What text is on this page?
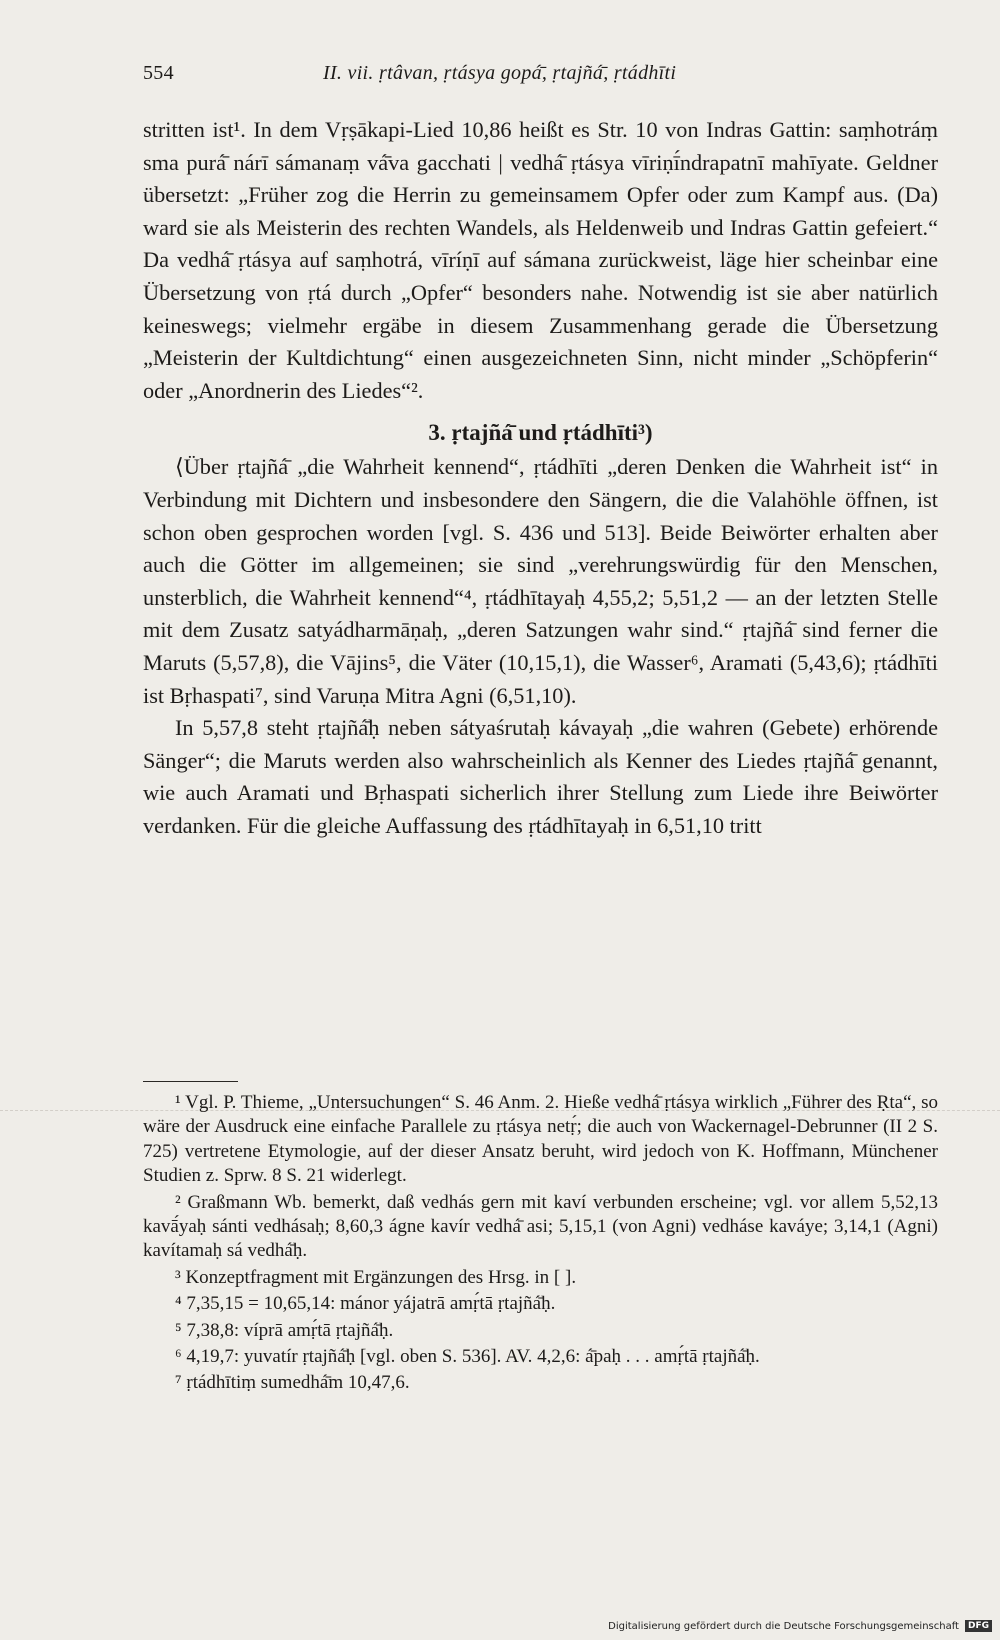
554	II. vii. ṛtâvan, ṛtásya gopá̄, ṛtajñá̄, ṛtádhīti

stritten ist¹. In dem Vṛṣākapi-Lied 10,86 heißt es Str. 10 von Indras Gattin: saṃhotráṃ sma purá̄ nárī sámanaṃ vá̄va gacchati | vedhá̄ ṛtásya vīriṇī́ndrapatnī mahīyate. Geldner übersetzt: „Früher zog die Herrin zu gemeinsamem Opfer oder zum Kampf aus. (Da) ward sie als Meisterin des rechten Wandels, als Heldenweib und Indras Gattin gefeiert.“ Da vedhá̄ ṛtásya auf saṃhotrá, vīríṇī auf sámana zurückweist, läge hier scheinbar eine Übersetzung von ṛtá durch „Opfer“ besonders nahe. Notwendig ist sie aber natürlich keineswegs; vielmehr ergäbe in diesem Zusammenhang gerade die Übersetzung „Meisterin der Kultdichtung“ einen ausgezeichneten Sinn, nicht minder „Schöpferin“ oder „Anordnerin des Liedes“².

3. ṛtajñá̄ und ṛtádhīti³)

⟨Über ṛtajñá̄ „die Wahrheit kennend“, ṛtádhīti „deren Denken die Wahrheit ist“ in Verbindung mit Dichtern und insbesondere den Sängern, die die Valahöhle öffnen, ist schon oben gesprochen worden [vgl. S. 436 und 513]. Beide Beiwörter erhalten aber auch die Götter im allgemeinen; sie sind „verehrungswürdig für den Menschen, unsterblich, die Wahrheit kennend“⁴, ṛtádhītayaḥ 4,55,2; 5,51,2 — an der letzten Stelle mit dem Zusatz satyádharmāṇaḥ, „deren Satzungen wahr sind.“ ṛtajñá̄ sind ferner die Maruts (5,57,8), die Vājins⁵, die Väter (10,15,1), die Wasser⁶, Aramati (5,43,6); ṛtádhīti ist Bṛhaspati⁷, sind Varuṇa Mitra Agni (6,51,10).

In 5,57,8 steht ṛtajñá̄ḥ neben sátyaśrutaḥ kávayaḥ „die wahren (Gebete) erhörende Sänger“; die Maruts werden also wahrscheinlich als Kenner des Liedes ṛtajñá̄ genannt, wie auch Aramati und Bṛhaspati sicherlich ihrer Stellung zum Liede ihre Beiwörter verdanken. Für die gleiche Auffassung des ṛtádhītayaḥ in 6,51,10 tritt

¹ Vgl. P. Thieme, „Untersuchungen“ S. 46 Anm. 2. Hieße vedhá̄ ṛtásya wirklich „Führer des Ṛta“, so wäre der Ausdruck eine einfache Parallele zu ṛtásya netṛ́; die auch von Wackernagel-Debrunner (II 2 S. 725) vertretene Etymologie, auf der dieser Ansatz beruht, wird jedoch von K. Hoffmann, Münchener Studien z. Sprw. 8 S. 21 widerlegt.

² Graßmann Wb. bemerkt, daß vedhás gern mit kaví verbunden erscheine; vgl. vor allem 5,52,13 kavā́yaḥ sánti vedhásaḥ; 8,60,3 ágne kavír vedhá̄ asi; 5,15,1 (von Agni) vedháse kaváye; 3,14,1 (Agni) kavítamaḥ sá vedhá̄ḥ.

³ Konzeptfragment mit Ergänzungen des Hrsg. in [ ].

⁴ 7,35,15 = 10,65,14: mánor yájatrā amṛ́tā ṛtajñá̄ḥ.

⁵ 7,38,8: víprā amṛ́tā ṛtajñá̄ḥ.

⁶ 4,19,7: yuvatír ṛtajñá̄ḥ [vgl. oben S. 536]. AV. 4,2,6: á̄paḥ . . . amṛ́tā ṛtajñá̄ḥ.

⁷ ṛtádhītiṃ sumedhá̄m 10,47,6.

Digitalisierung gefördert durch die Deutsche Forschungsgemeinschaft	DFG
